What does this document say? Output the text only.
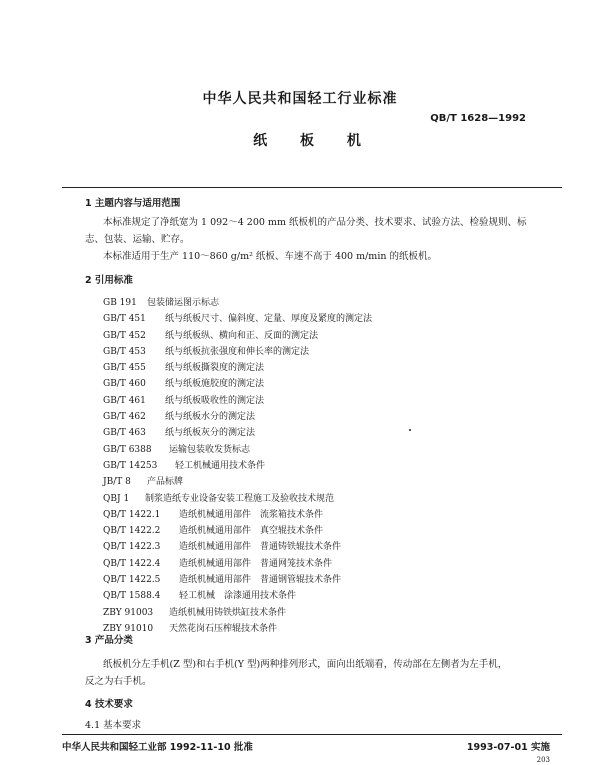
中华人民共和国轻工行业标准
QB/T 1628—1992
纸 板 机
1 主题内容与适用范围
本标准规定了净纸宽为 1 092～4 200 mm 纸板机的产品分类、技术要求、试验方法、检验规则、标
志、包装、运输、贮存。
本标准适用于生产 110～860 g/m² 纸板、车速不高于 400 m/min 的纸板机。
2 引用标准
GB 191 包装储运图示标志
GB/T 451 纸与纸板尺寸、偏斜度、定量、厚度及紧度的测定法
GB/T 452 纸与纸板纵、横向和正、反面的测定法
GB/T 453 纸与纸板抗张强度和伸长率的测定法
GB/T 455 纸与纸板撕裂度的测定法
GB/T 460 纸与纸板施胶度的测定法
GB/T 461 纸与纸板吸收性的测定法
GB/T 462 纸与纸板水分的测定法
GB/T 463 纸与纸板灰分的测定法
GB/T 6388 运输包装收发货标志
GB/T 14253 轻工机械通用技术条件
JB/T 8 产品标牌
QBJ 1 制浆造纸专业设备安装工程施工及验收技术规范
QB/T 1422.1 造纸机械通用部件　流浆箱技术条件
QB/T 1422.2 造纸机械通用部件　真空辊技术条件
QB/T 1422.3 造纸机械通用部件　普通铸铁辊技术条件
QB/T 1422.4 造纸机械通用部件　普通网笼技术条件
QB/T 1422.5 造纸机械通用部件　普通钢管辊技术条件
QB/T 1588.4 轻工机械　涂漆通用技术条件
ZBY 91003 造纸机械用铸铁烘缸技术条件
ZBY 91010 天然花岗石压榨辊技术条件
3 产品分类
纸板机分左手机(Z 型)和右手机(Y 型)两种排列形式，面向出纸端看，传动部在左侧者为左手机，
反之为右手机。
4 技术要求
4.1 基本要求
中华人民共和国轻工业部 1992-11-10 批准	1993-07-01 实施
203
